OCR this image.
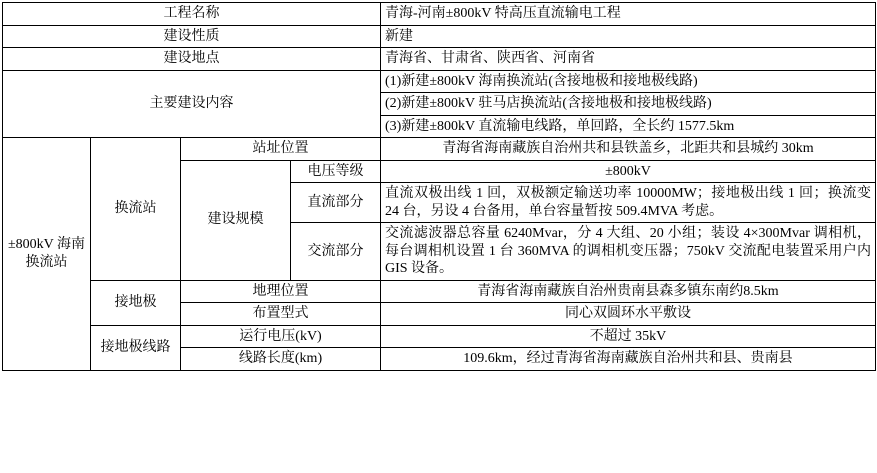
工程名称				青海-河南±800kV 特高压直流输电工程
建设性质				新建
建设地点				青海省、甘肃省、陕西省、河南省
主要建设内容				(1)新建±800kV 海南换流站(含接地极和接地极线路)
				(2)新建±800kV 驻马店换流站(含接地极和接地极线路)
				(3)新建±800kV 直流输电线路，单回路，全长约 1577.5km
±800kV 海南换流站	换流站	站址位置		青海省海南藏族自治州共和县铁盖乡，北距共和县城约 30km
		建设规模	电压等级	±800kV
			直流部分	直流双极出线 1 回，双极额定输送功率 10000MW；接地极出线 1 回；换流变 24 台，另设 4 台备用，单台容量暂按 509.4MVA 考虑。
			交流部分	交流滤波器总容量 6240Mvar，分 4 大组、20 小组；装设 4×300Mvar 调相机，每台调相机设置 1 台 360MVA 的调相机变压器；750kV 交流配电装置采用户内 GIS 设备。
	接地极	地理位置		青海省海南藏族自治州贵南县森多镇东南约8.5km
		布置型式		同心双圆环水平敷设
	接地极线路	运行电压(kV)		不超过 35kV
		线路长度(km)		109.6km，经过青海省海南藏族自治州共和县、贵南县
